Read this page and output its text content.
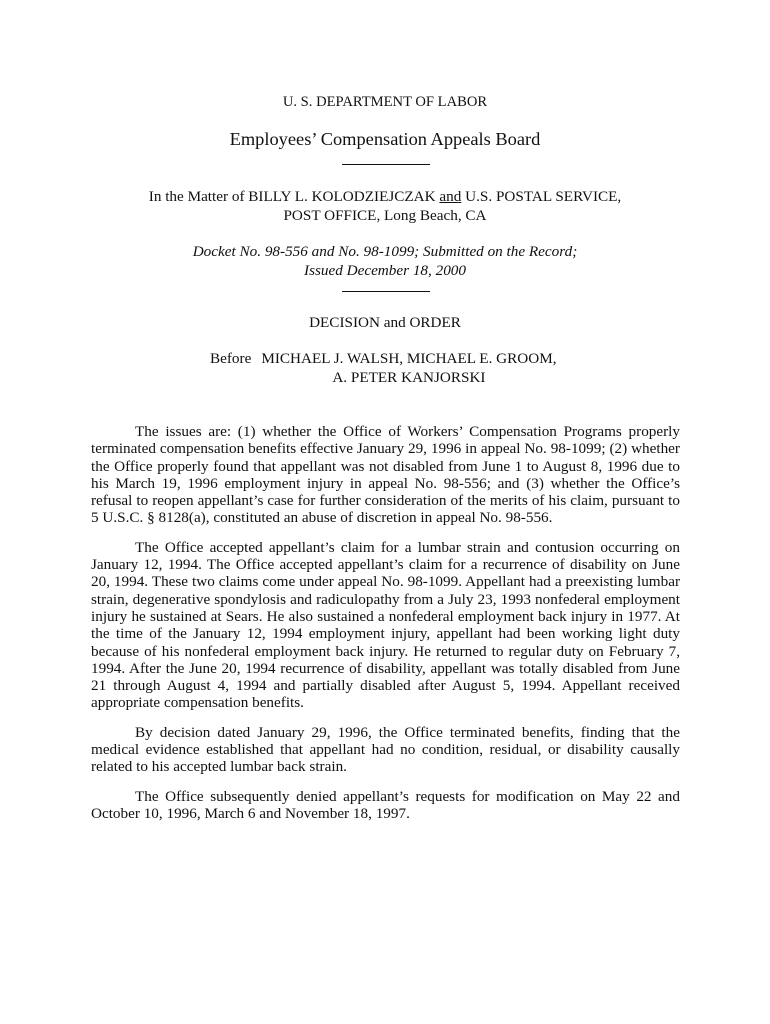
U. S. DEPARTMENT OF LABOR
Employees’ Compensation Appeals Board
In the Matter of BILLY L. KOLODZIEJCZAK and U.S. POSTAL SERVICE,
POST OFFICE, Long Beach, CA
Docket No. 98-556 and No. 98-1099; Submitted on the Record;
Issued December 18, 2000
DECISION and ORDER
Before MICHAEL J. WALSH, MICHAEL E. GROOM,
A. PETER KANJORSKI

The issues are: (1) whether the Office of Workers’ Compensation Programs properly terminated compensation benefits effective January 29, 1996 in appeal No. 98-1099; (2) whether the Office properly found that appellant was not disabled from June 1 to August 8, 1996 due to his March 19, 1996 employment injury in appeal No. 98-556; and (3) whether the Office’s refusal to reopen appellant’s case for further consideration of the merits of his claim, pursuant to 5 U.S.C. § 8128(a), constituted an abuse of discretion in appeal No. 98-556.

The Office accepted appellant’s claim for a lumbar strain and contusion occurring on January 12, 1994. The Office accepted appellant’s claim for a recurrence of disability on June 20, 1994. These two claims come under appeal No. 98-1099. Appellant had a preexisting lumbar strain, degenerative spondylosis and radiculopathy from a July 23, 1993 nonfederal employment injury he sustained at Sears. He also sustained a nonfederal employment back injury in 1977. At the time of the January 12, 1994 employment injury, appellant had been working light duty because of his nonfederal employment back injury. He returned to regular duty on February 7, 1994. After the June 20, 1994 recurrence of disability, appellant was totally disabled from June 21 through August 4, 1994 and partially disabled after August 5, 1994. Appellant received appropriate compensation benefits.

By decision dated January 29, 1996, the Office terminated benefits, finding that the medical evidence established that appellant had no condition, residual, or disability causally related to his accepted lumbar back strain.

The Office subsequently denied appellant’s requests for modification on May 22 and October 10, 1996, March 6 and November 18, 1997.
